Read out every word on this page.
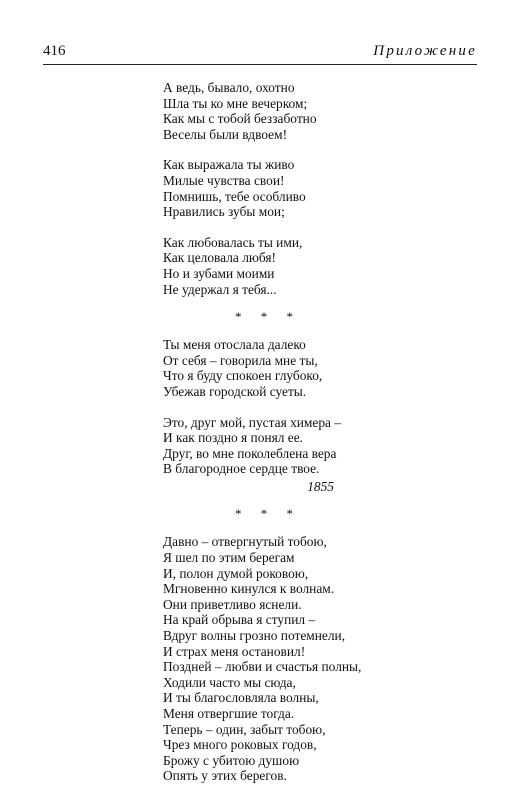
416	Приложение
А ведь, бывало, охотно
Шла ты ко мне вечерком;
Как мы с тобой беззаботно
Веселы были вдвоем!
Как выражала ты живо
Милые чувства свои!
Помнишь, тебе особливо
Нравились зубы мои;
Как любовалась ты ими,
Как целовала любя!
Но и зубами моими
Не удержал я тебя...
* * *
Ты меня отослала далеко
От себя – говорила мне ты,
Что я буду спокоен глубоко,
Убежав городской суеты.
Это, друг мой, пустая химера –
И как поздно я понял ее.
Друг, во мне поколеблена вера
В благородное сердце твое.
1855
* * *
Давно – отвергнутый тобою,
Я шел по этим берегам
И, полон думой роковою,
Мгновенно кинулся к волнам.
Они приветливо яснели.
На край обрыва я ступил –
Вдруг волны грозно потемнели,
И страх меня остановил!
Поздней – любви и счастья полны,
Ходили часто мы сюда,
И ты благословляла волны,
Меня отвергшие тогда.
Теперь – один, забыт тобою,
Чрез много роковых годов,
Брожу с убитою душою
Опять у этих берегов.
